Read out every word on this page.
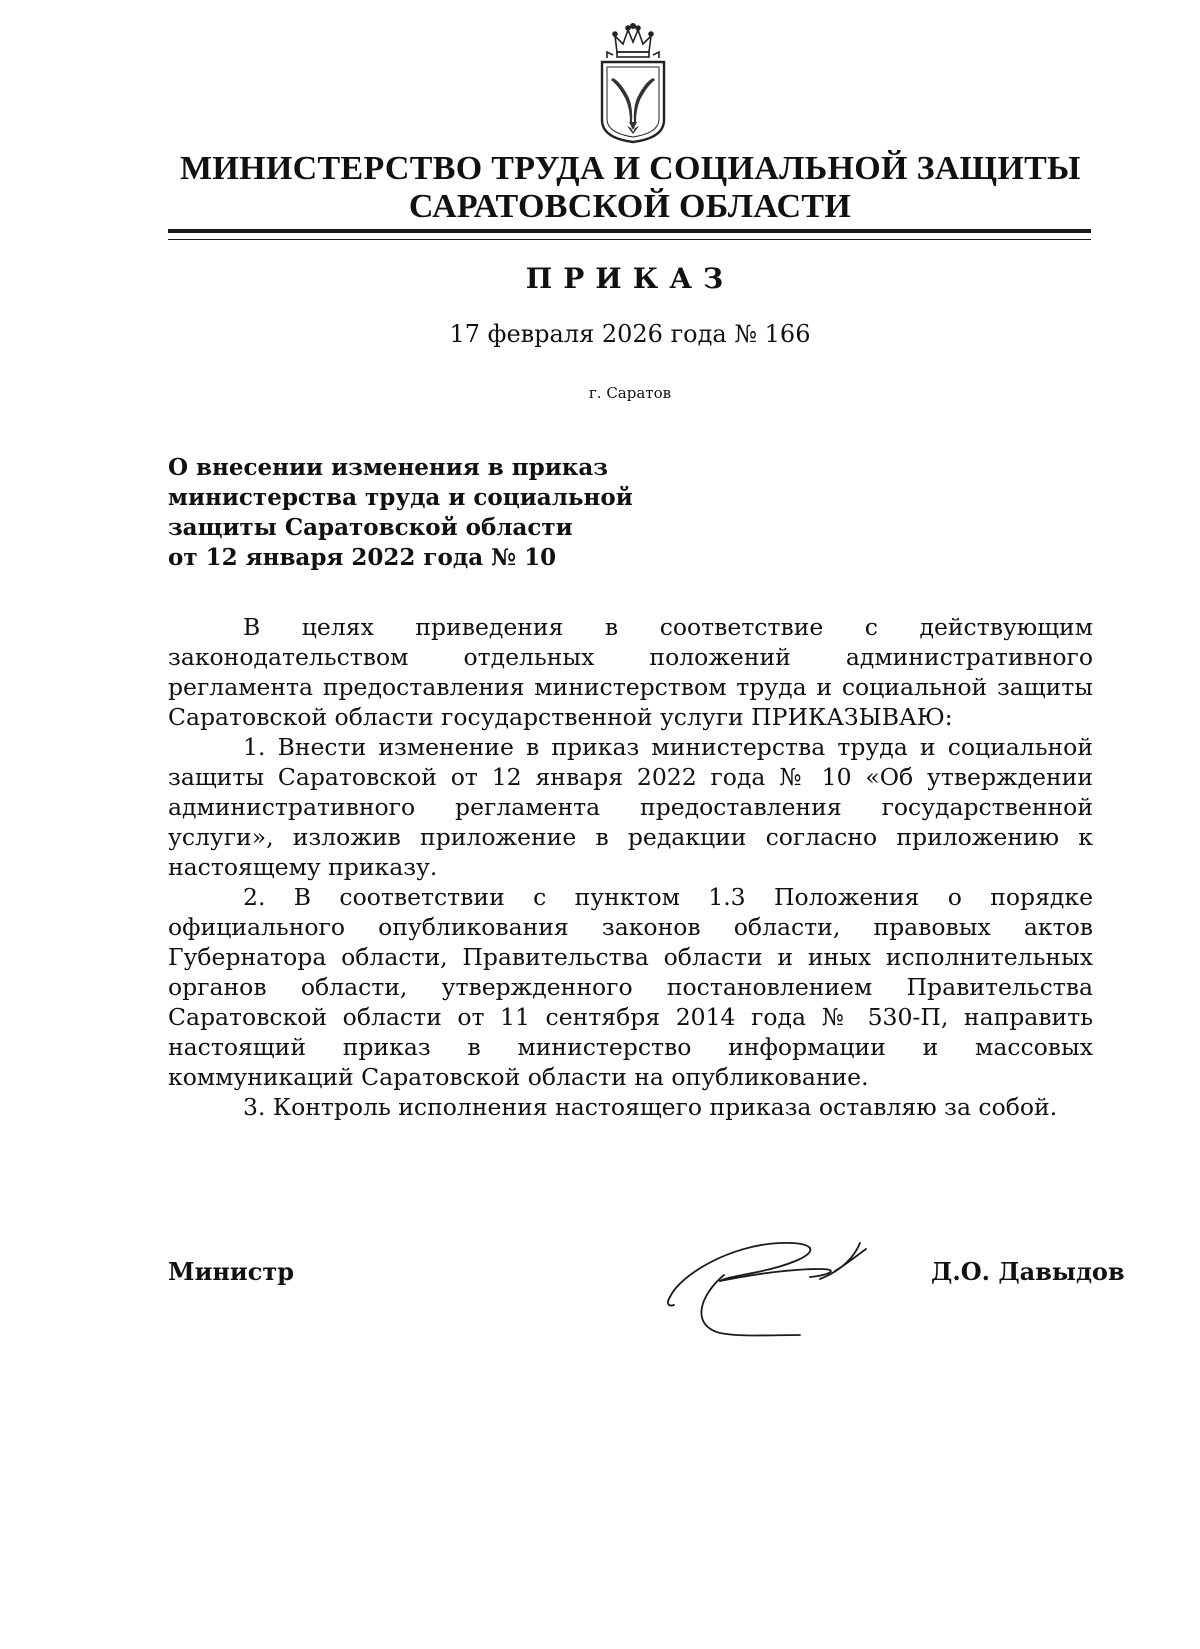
МИНИСТЕРСТВО ТРУДА И СОЦИАЛЬНОЙ ЗАЩИТЫ
САРАТОВСКОЙ ОБЛАСТИ
ПРИКАЗ
17 февраля 2026 года № 166
г. Саратов
О внесении изменения в приказ
министерства труда и социальной
защиты Саратовской области
от 12 января 2022 года № 10

В целях приведения в соответствие с действующим законодательством отдельных положений административного регламента предоставления министерством труда и социальной защиты Саратовской области государственной услуги ПРИКАЗЫВАЮ:

1. Внести изменение в приказ министерства труда и социальной защиты Саратовской от 12 января 2022 года № 10 «Об утверждении административного регламента предоставления государственной услуги», изложив приложение в редакции согласно приложению к настоящему приказу.

2. В соответствии с пунктом 1.3 Положения о порядке официального опубликования законов области, правовых актов Губернатора области, Правительства области и иных исполнительных органов области, утвержденного постановлением Правительства Саратовской области от 11 сентября 2014 года № 530-П, направить настоящий приказ в министерство информации и массовых коммуникаций Саратовской области на опубликование.

3. Контроль исполнения настоящего приказа оставляю за собой.

Министр	Д.О. Давыдов
